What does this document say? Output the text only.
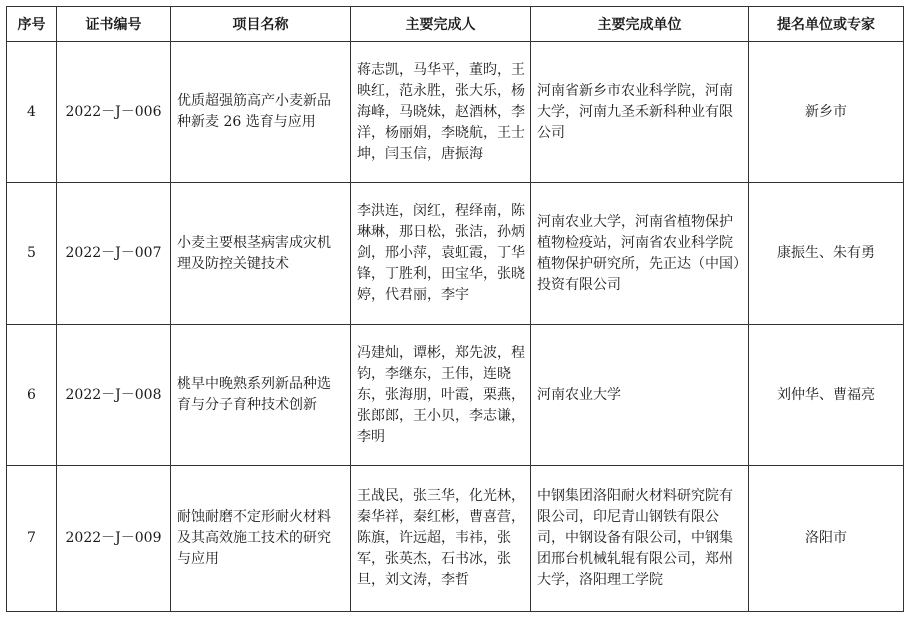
序号	证书编号	项目名称	主要完成人	主要完成单位	提名单位或专家
4	2022－J－006	优质超强筋高产小麦新品种新麦 26 选育与应用	蒋志凯，马华平，董昀，王映红，范永胜，张大乐，杨海峰，马晓妹，赵酒林，李洋，杨丽娟，李晓航，王士坤，闫玉信，唐振海	河南省新乡市农业科学院，河南大学，河南九圣禾新科种业有限公司	新乡市
5	2022－J－007	小麦主要根茎病害成灾机理及防控关键技术	李洪连，闵红，程绎南，陈琳琳，那日松，张洁，孙炳剑，邢小萍，袁虹霞，丁华锋，丁胜利，田宝华，张晓婷，代君丽，李宇	河南农业大学，河南省植物保护植物检疫站，河南省农业科学院植物保护研究所，先正达（中国）投资有限公司	康振生、朱有勇
6	2022－J－008	桃早中晚熟系列新品种选育与分子育种技术创新	冯建灿，谭彬，郑先波，程钧，李继东，王伟，连晓东，张海朋，叶霞，栗燕，张郎郎，王小贝，李志谦，李明	河南农业大学	刘仲华、曹福亮
7	2022－J－009	耐蚀耐磨不定形耐火材料及其高效施工技术的研究与应用	王战民，张三华，化光林，秦华祥，秦红彬，曹喜营，陈旗，许远超，韦祎，张军，张英杰，石书冰，张旦，刘文涛，李哲	中钢集团洛阳耐火材料研究院有限公司，印尼青山钢铁有限公司，中钢设备有限公司，中钢集团邢台机械轧辊有限公司，郑州大学，洛阳理工学院	洛阳市
